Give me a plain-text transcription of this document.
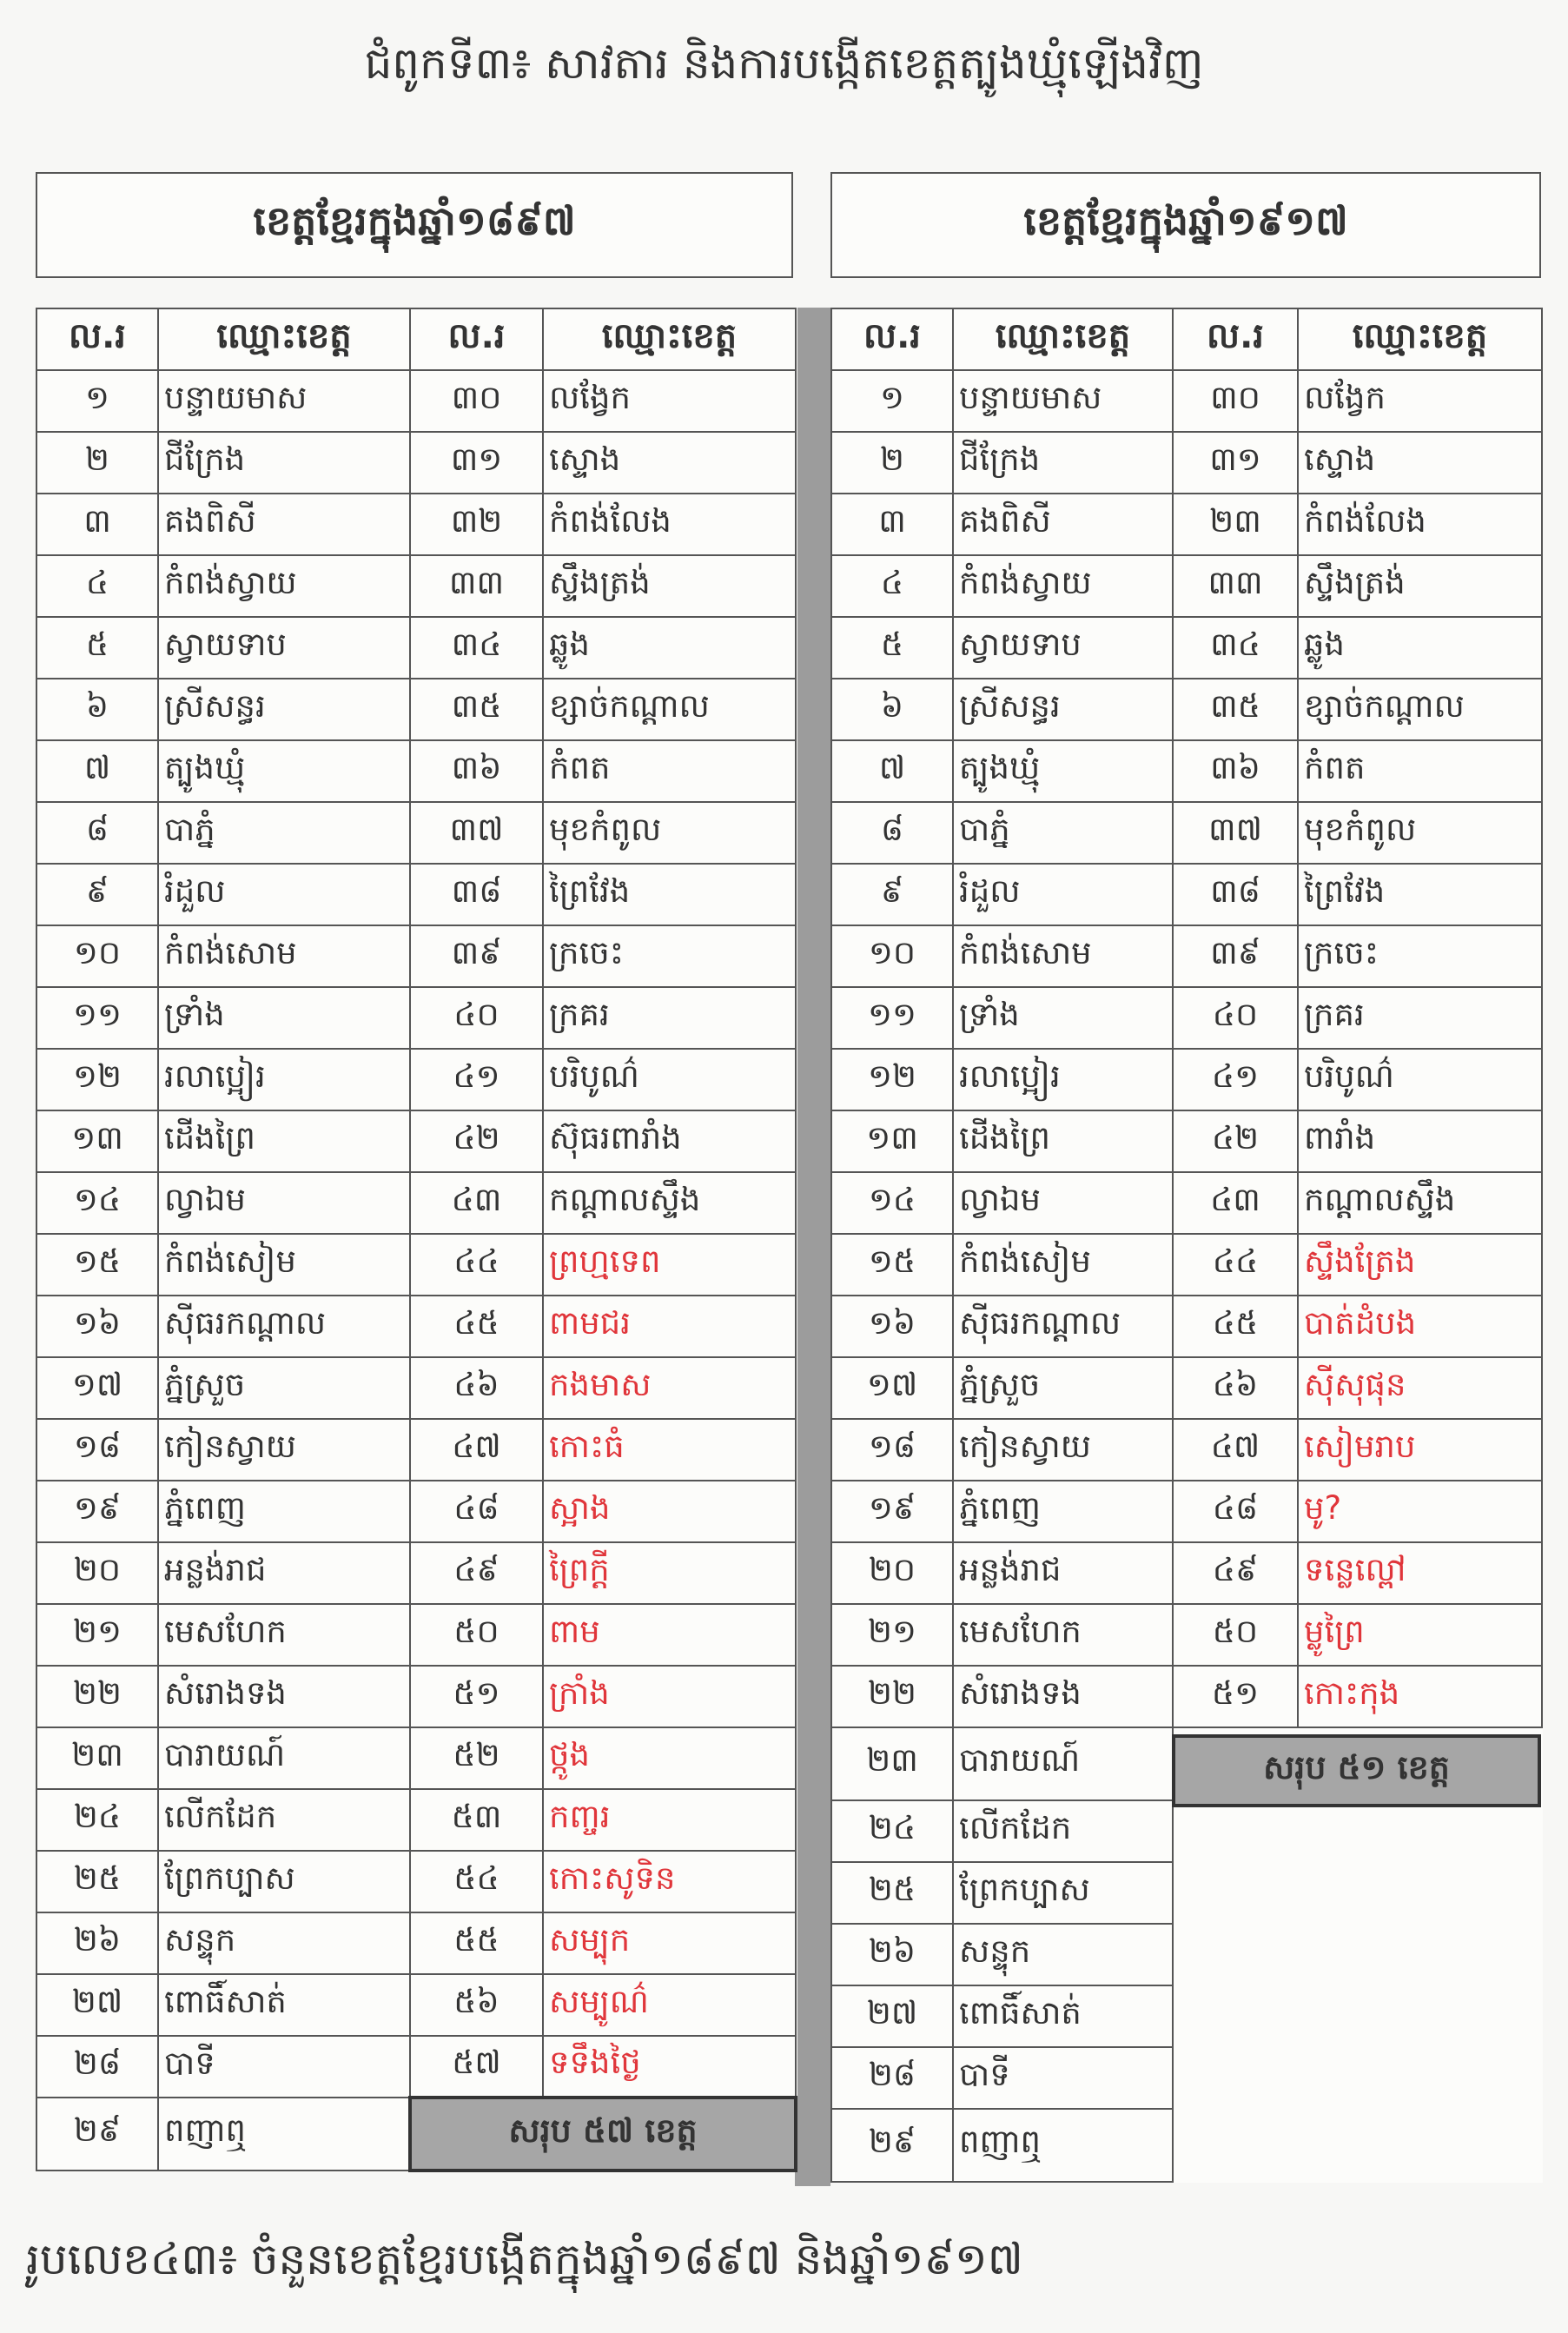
ជំពូកទី៣៖ សាវតារ និងការបង្កើតខេត្តត្បូងឃ្មុំឡើងវិញ
ខេត្តខ្មែរក្នុងឆ្នាំ១៨៩៧	ខេត្តខ្មែរក្នុងឆ្នាំ១៩១៧
ល.រ	ឈ្មោះខេត្ត	ល.រ	ឈ្មោះខេត្ត
១	បន្ទាយមាស	៣០	លង្វែក
២	ជីក្រែង	៣១	ស្ទោង
៣	គងពិសី	៣២	កំពង់លែង
៤	កំពង់ស្វាយ	៣៣	ស្ទឹងត្រង់
៥	ស្វាយទាប	៣៤	ឆ្លូង
៦	ស្រីសន្ធរ	៣៥	ខ្សាច់កណ្តាល
៧	ត្បូងឃ្មុំ	៣៦	កំពត
៨	បាភ្នំ	៣៧	មុខកំពូល
៩	រំដួល	៣៨	ព្រៃវែង
១០	កំពង់សោម	៣៩	ក្រចេះ
១១	ទ្រាំង	៤០	ក្រគរ
១២	រលាប្អៀរ	៤១	បរិបូណ៌
១៣	ដើងព្រៃ	៤២	ស៊ុធរពារាំង
១៤	ល្វាឯម	៤៣	កណ្តាលស្ទឹង
១៥	កំពង់សៀម	៤៤	ព្រហ្មទេព
១៦	ស៊ីធរកណ្តាល	៤៥	ពាមជរ
១៧	ភ្នំស្រួច	៤៦	កងមាស
១៨	កៀនស្វាយ	៤៧	កោះធំ
១៩	ភ្នំពេញ	៤៨	ស្អាង
២០	អន្លង់រាជ	៤៩	ព្រៃក្តី
២១	មេសហែក	៥០	ពាម
២២	សំរោងទង	៥១	ក្រាំង
២៣	បារាយណ៍	៥២	ថ្កូង
២៤	លើកដែក	៥៣	កញ្ចរ
២៥	ព្រែកប្បាស	៥៤	កោះសូទិន
២៦	សន្ទុក	៥៥	សម្បុក
២៧	ពោធិ៍សាត់	៥៦	សម្បូណ៌
២៨	បាទី	៥៧	ទទឹងថ្ងៃ
២៩	ពញាឮ	សរុប ៥៧ ខេត្ត	
ល.រ	ឈ្មោះខេត្ត	ល.រ	ឈ្មោះខេត្ត
១	បន្ទាយមាស	៣០	លង្វែក
២	ជីក្រែង	៣១	ស្ទោង
៣	គងពិសី	២៣	កំពង់លែង
៤	កំពង់ស្វាយ	៣៣	ស្ទឹងត្រង់
៥	ស្វាយទាប	៣៤	ឆ្លូង
៦	ស្រីសន្ធរ	៣៥	ខ្សាច់កណ្តាល
៧	ត្បូងឃ្មុំ	៣៦	កំពត
៨	បាភ្នំ	៣៧	មុខកំពូល
៩	រំដួល	៣៨	ព្រៃវែង
១០	កំពង់សោម	៣៩	ក្រចេះ
១១	ទ្រាំង	៤០	ក្រគរ
១២	រលាប្អៀរ	៤១	បរិបូណ៌
១៣	ដើងព្រៃ	៤២	ពារាំង
១៤	ល្វាឯម	៤៣	កណ្តាលស្ទឹង
១៥	កំពង់សៀម	៤៤	ស្ទឹងត្រែង
១៦	ស៊ីធរកណ្តាល	៤៥	បាត់ដំបង
១៧	ភ្នំស្រួច	៤៦	ស៊ីសុផុន
១៨	កៀនស្វាយ	៤៧	សៀមរាប
១៩	ភ្នំពេញ	៤៨	មូ?
២០	អន្លង់រាជ	៤៩	ទន្លេល្ពៅ
២១	មេសហែក	៥០	ម្លូព្រៃ
២២	សំរោងទង	៥១	កោះកុង
២៣	បារាយណ៍		
២៤	លើកដែក		
២៥	ព្រែកប្បាស		
២៦	សន្ទុក		
២៧	ពោធិ៍សាត់		
២៨	បាទី		
២៩	ពញាឮ		
សរុប ៥១ ខេត្ត
រូបលេខ៤៣៖ ចំនួនខេត្តខ្មែរបង្កើតក្នុងឆ្នាំ១៨៩៧ និងឆ្នាំ១៩១៧
